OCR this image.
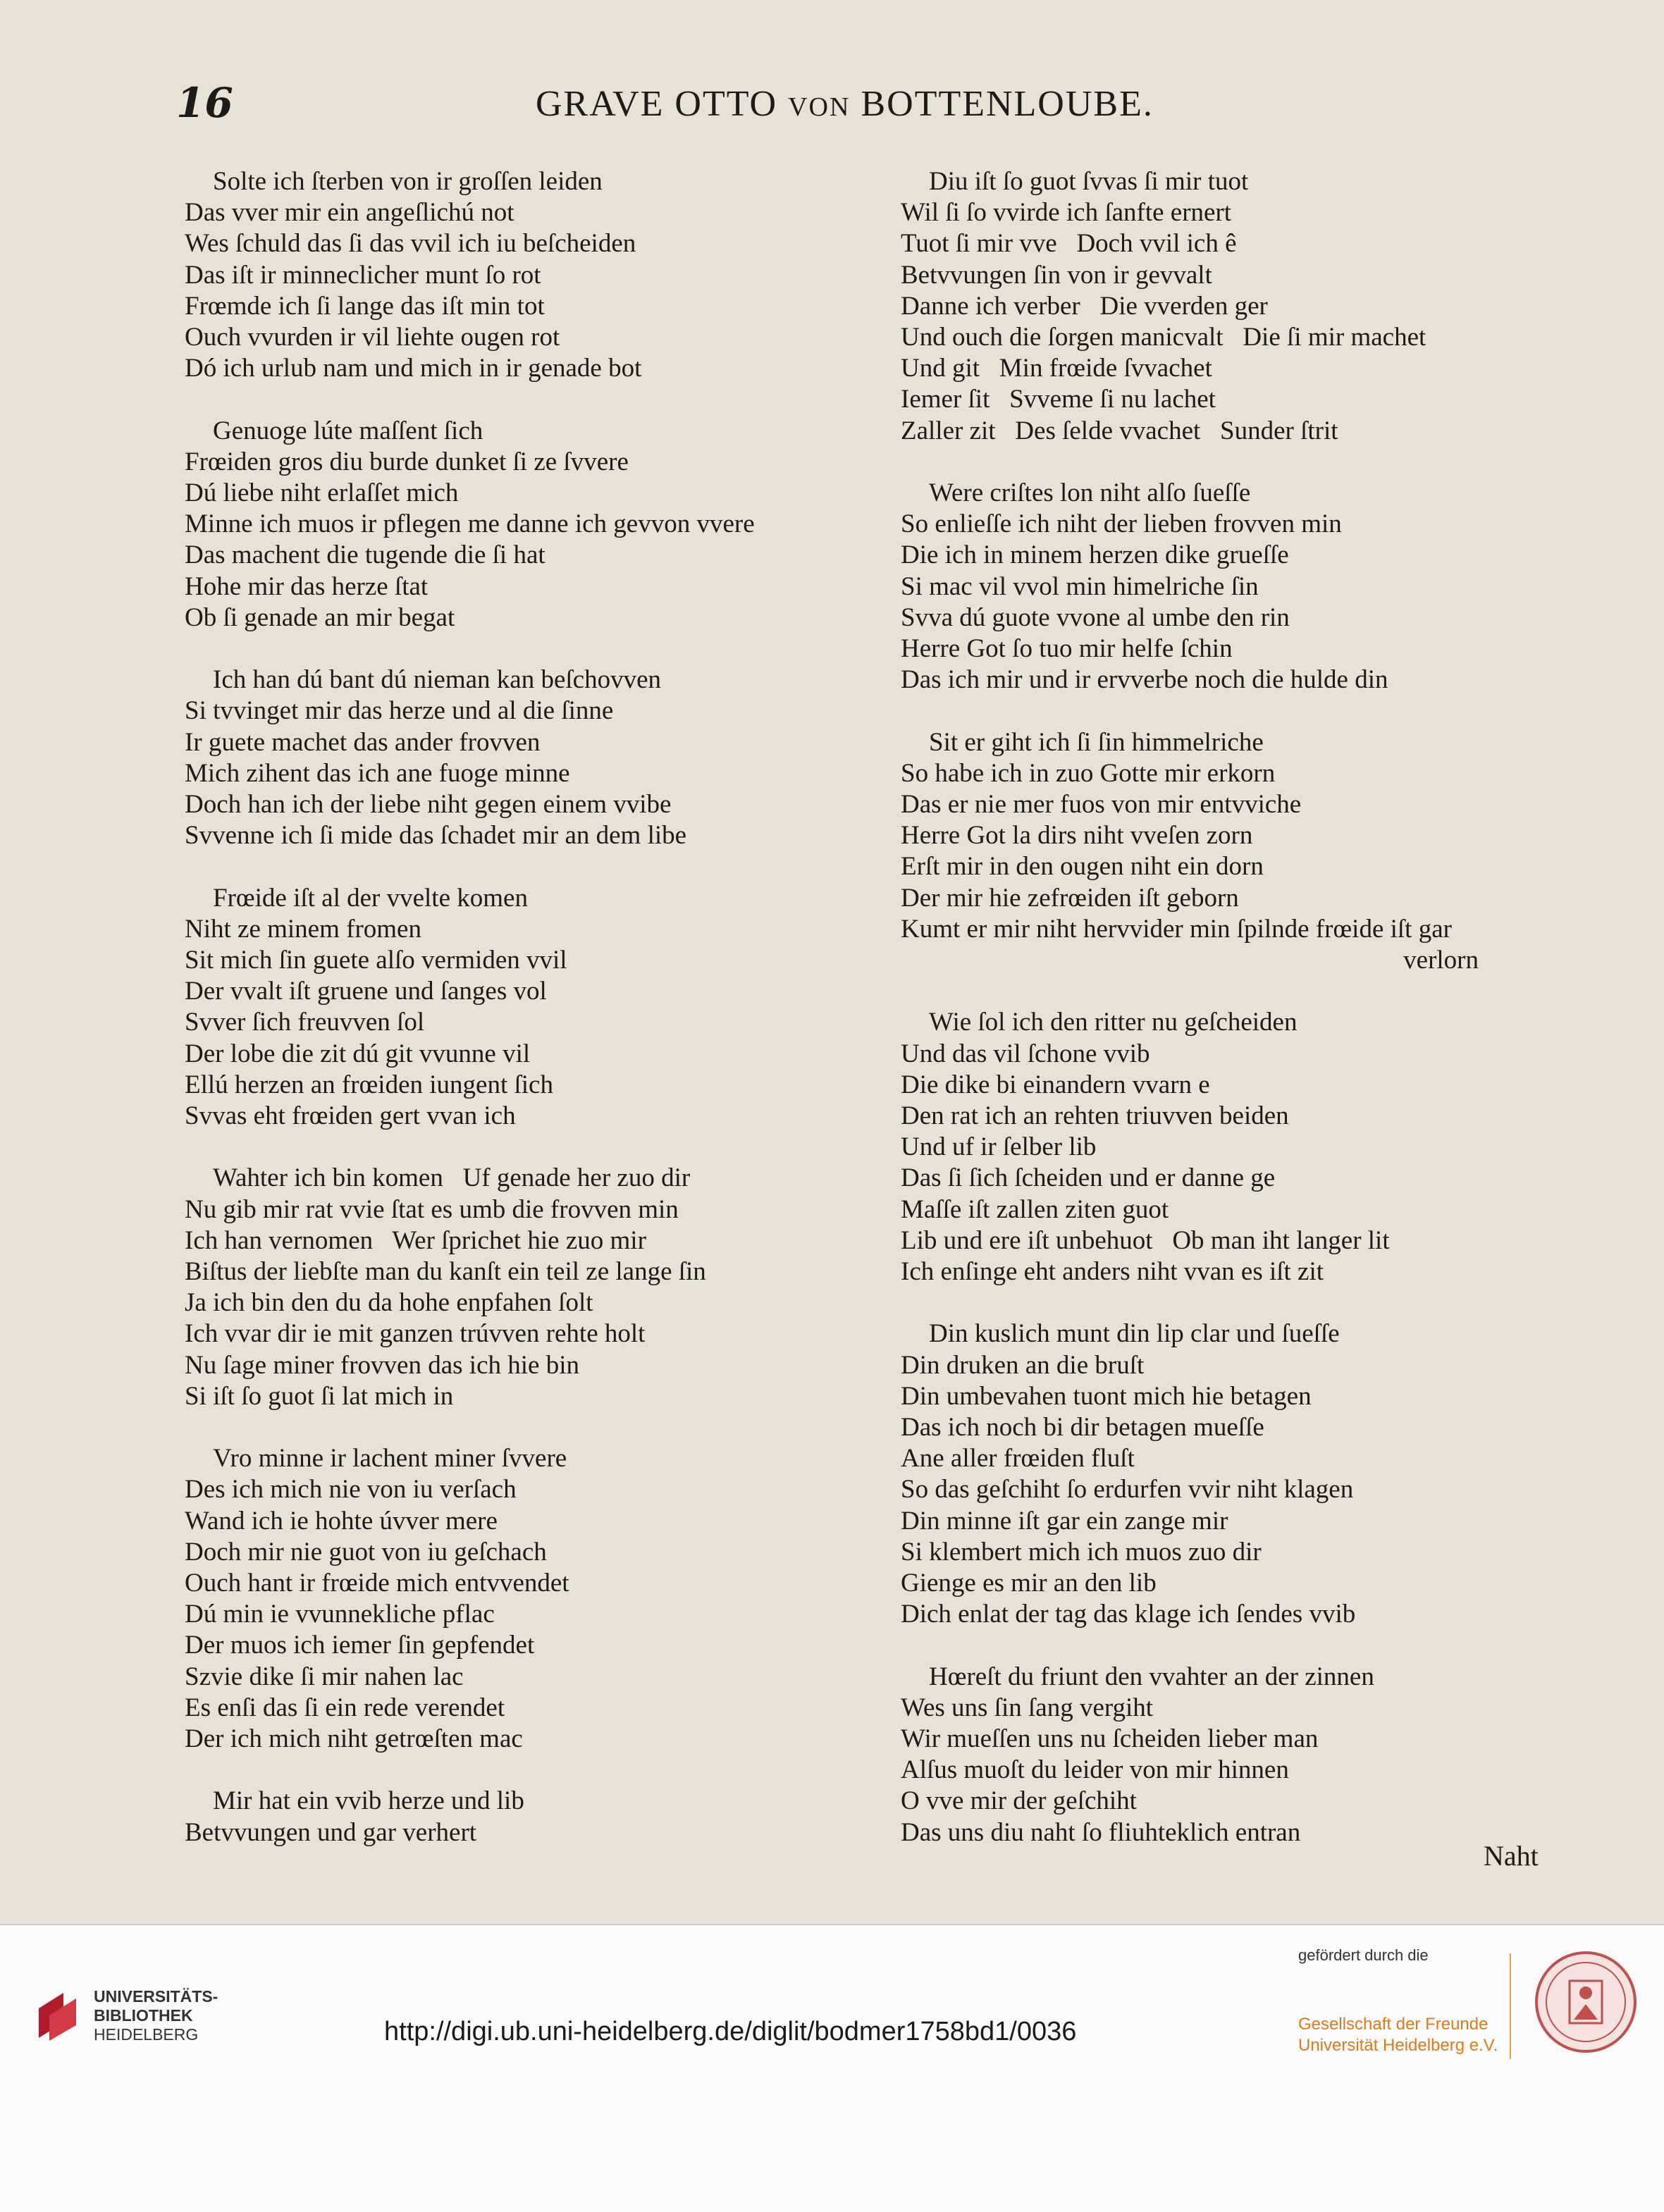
16	GRAVE OTTO VON BOTTENLOUBE.
Solte ich ſterben von ir groſſen leiden
Das vver mir ein angeſlichú not
Wes ſchuld das ſi das vvil ich iu beſcheiden
Das iſt ir minneclicher munt ſo rot
Frœmde ich ſi lange das iſt min tot
Ouch vvurden ir vil liehte ougen rot
Dó ich urlub nam und mich in ir genade bot
Genuoge lúte maſſent ſich
Frœiden gros diu burde dunket ſi ze ſvvere
Dú liebe niht erlaſſet mich
Minne ich muos ir pflegen me danne ich gevvon vvere
Das machent die tugende die ſi hat
Hohe mir das herze ſtat
Ob ſi genade an mir begat
Ich han dú bant dú nieman kan beſchovven
Si tvvinget mir das herze und al die ſinne
Ir guete machet das ander frovven
Mich zihent das ich ane fuoge minne
Doch han ich der liebe niht gegen einem vvibe
Svvenne ich ſi mide das ſchadet mir an dem libe
Frœide iſt al der vvelte komen
Niht ze minem fromen
Sit mich ſin guete alſo vermiden vvil
Der vvalt iſt gruene und ſanges vol
Svver ſich freuvven ſol
Der lobe die zit dú git vvunne vil
Ellú herzen an frœiden iungent ſich
Svvas eht frœiden gert vvan ich
Wahter ich bin komen   Uf genade her zuo dir
Nu gib mir rat vvie ſtat es umb die frovven min
Ich han vernomen   Wer ſprichet hie zuo mir
Biſtus der liebſte man du kanſt ein teil ze lange ſin
Ja ich bin den du da hohe enpfahen ſolt
Ich vvar dir ie mit ganzen trúvven rehte holt
Nu ſage miner frovven das ich hie bin
Si iſt ſo guot ſi lat mich in
Vro minne ir lachent miner ſvvere
Des ich mich nie von iu verſach
Wand ich ie hohte úvver mere
Doch mir nie guot von iu geſchach
Ouch hant ir frœide mich entvvendet
Dú min ie vvunnekliche pflac
Der muos ich iemer ſin gepfendet
Szvie dike ſi mir nahen lac
Es enſi das ſi ein rede verendet
Der ich mich niht getrœſten mac
Mir hat ein vvib herze und lib
Betvvungen und gar verhert
Diu iſt ſo guot ſvvas ſi mir tuot
Wil ſi ſo vvirde ich ſanfte ernert
Tuot ſi mir vve   Doch vvil ich ê
Betvvungen ſin von ir gevvalt
Danne ich verber   Die vverden ger
Und ouch die ſorgen manicvalt   Die ſi mir machet
Und git   Min frœide ſvvachet
Iemer ſit   Svveme ſi nu lachet
Zaller zit   Des ſelde vvachet   Sunder ſtrit
Were criſtes lon niht alſo ſueſſe
So enlieſſe ich niht der lieben frovven min
Die ich in minem herzen dike grueſſe
Si mac vil vvol min himelriche ſin
Svva dú guote vvone al umbe den rin
Herre Got ſo tuo mir helfe ſchin
Das ich mir und ir ervverbe noch die hulde din
Sit er giht ich ſi ſin himmelriche
So habe ich in zuo Gotte mir erkorn
Das er nie mer fuos von mir entvviche
Herre Got la dirs niht vveſen zorn
Erſt mir in den ougen niht ein dorn
Der mir hie zefrœiden iſt geborn
Kumt er mir niht hervvider min ſpilnde frœide iſt gar
verlorn
Wie ſol ich den ritter nu geſcheiden
Und das vil ſchone vvib
Die dike bi einandern vvarn e
Den rat ich an rehten triuvven beiden
Und uf ir ſelber lib
Das ſi ſich ſcheiden und er danne ge
Maſſe iſt zallen ziten guot
Lib und ere iſt unbehuot   Ob man iht langer lit
Ich enſinge eht anders niht vvan es iſt zit
Din kuslich munt din lip clar und ſueſſe
Din druken an die bruſt
Din umbevahen tuont mich hie betagen
Das ich noch bi dir betagen mueſſe
Ane aller frœiden fluſt
So das geſchiht ſo erdurfen vvir niht klagen
Din minne iſt gar ein zange mir
Si klembert mich ich muos zuo dir
Gienge es mir an den lib
Dich enlat der tag das klage ich ſendes vvib
Hœreſt du friunt den vvahter an der zinnen
Wes uns ſin ſang vergiht
Wir mueſſen uns nu ſcheiden lieber man
Alſus muoſt du leider von mir hinnen
O vve mir der geſchiht
Das uns diu naht ſo fliuhteklich entran
Naht
UNIVERSITÄTS-
BIBLIOTHEK
HEIDELBERG	http://digi.ub.uni-heidelberg.de/diglit/bodmer1758bd1/0036
gefördert durch die
Gesellschaft der Freunde
Universität Heidelberg e.V.
